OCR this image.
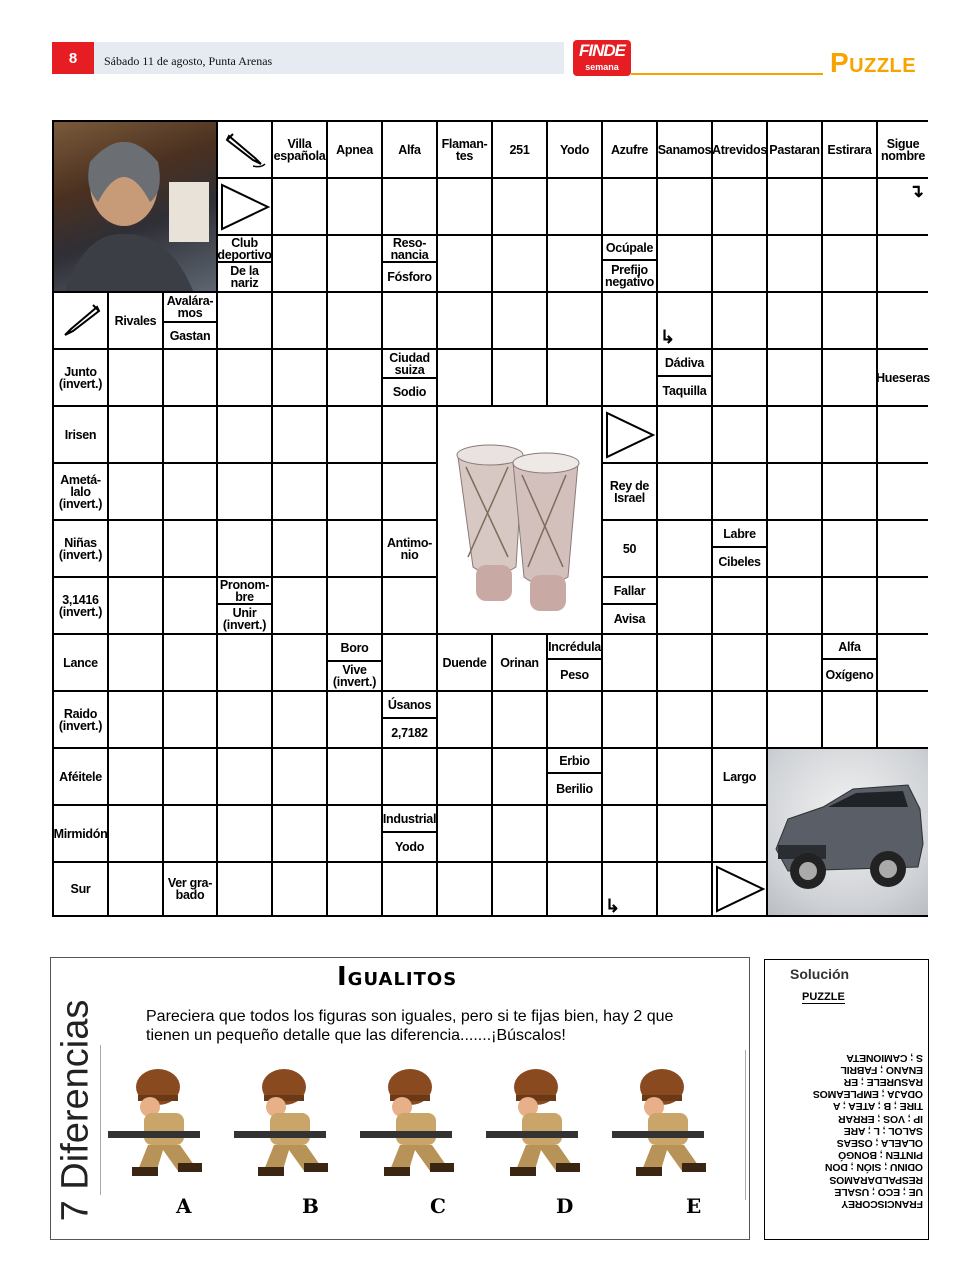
8	Sábado 11 de agosto, Punta Arenas
FINDE
semana	Puzzle
Villa española Apnea	Alfa	Flaman-tes	251	Yodo	Azufre Sanamos Atrevidos Pastaran Estirara	Sigue nombre
↴
Club deportivo
De la nariz
Reso-nancia
Fósforo
Ocúpale
Prefijo negativo
Rivales
Avalára-mos
Gastan	↳
Junto (invert.)
Ciudad suiza
Sodio
Dádiva
Taquilla
Hueseras
Irisen
Ametá-lalo (invert.)
Rey de Israel
Niñas (invert.)
Antimo-nio	50
Labre
Cibeles
3,1416 (invert.)
Pronom-bre
Unir (invert.)
Fallar
Avisa
Lance
Boro
Vive (invert.)
Duende	Orinan
Incrédula
Peso
Alfa
Oxígeno
Raido (invert.)
Úsanos
2,7182
Aféitele
Erbio
Berilio
Largo
Mirmidón
Industrial
Yodo
Sur	Ver gra-bado
↳
7 Diferencias
Igualitos
Pareciera que todos los figuras son iguales, pero si te fijas bien, hay 2 que tienen un pequeño detalle que las diferencia.......¡Búscalos!
A	B	C	D	E
Solución
PUZZLE
FRANCISCOREY
UE ; ECO ; USALE
RESPALDARAMOS
ODINU ; SIÓN ; DON
PINTEN ; BONGÓ
OLAELA ; OSEAS
SALOL ; L ; ARE
IP ; VOS ; ERRAR
TIRE ; B ; ATEA ; A
ODAJA ; EMPLEAMOS
RASURELE ; ER
ENANO ; FABRIL
S ; CAMIONETA
